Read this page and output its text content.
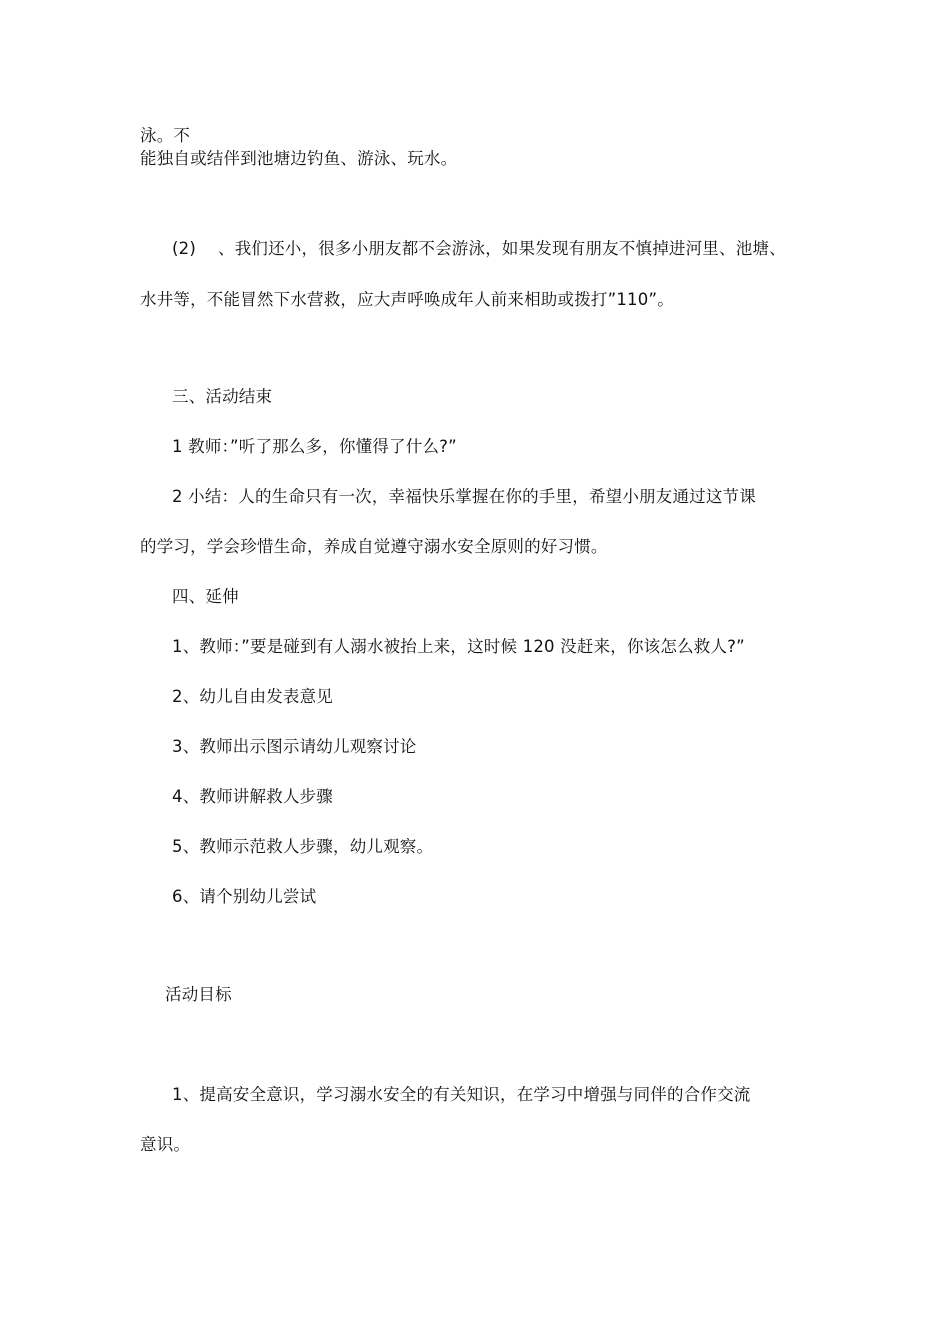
泳。不
能独自或结伴到池塘边钓鱼、游泳、玩水。
(2) 、我们还小，很多小朋友都不会游泳，如果发现有朋友不慎掉进河里、池塘、
水井等，不能冒然下水营救，应大声呼唤成年人前来相助或拨打”110”。
三、活动结束
1 教师：”听了那么多，你懂得了什么?”
2 小结：人的生命只有一次，幸福快乐掌握在你的手里，希望小朋友通过这节课
的学习，学会珍惜生命，养成自觉遵守溺水安全原则的好习惯。
四、延伸
1、教师：”要是碰到有人溺水被抬上来，这时候 120 没赶来，你该怎么救人?”
2、幼儿自由发表意见
3、教师出示图示请幼儿观察讨论
4、教师讲解救人步骤
5、教师示范救人步骤，幼儿观察。
6、请个别幼儿尝试
活动目标
1、提高安全意识，学习溺水安全的有关知识，在学习中增强与同伴的合作交流
意识。
